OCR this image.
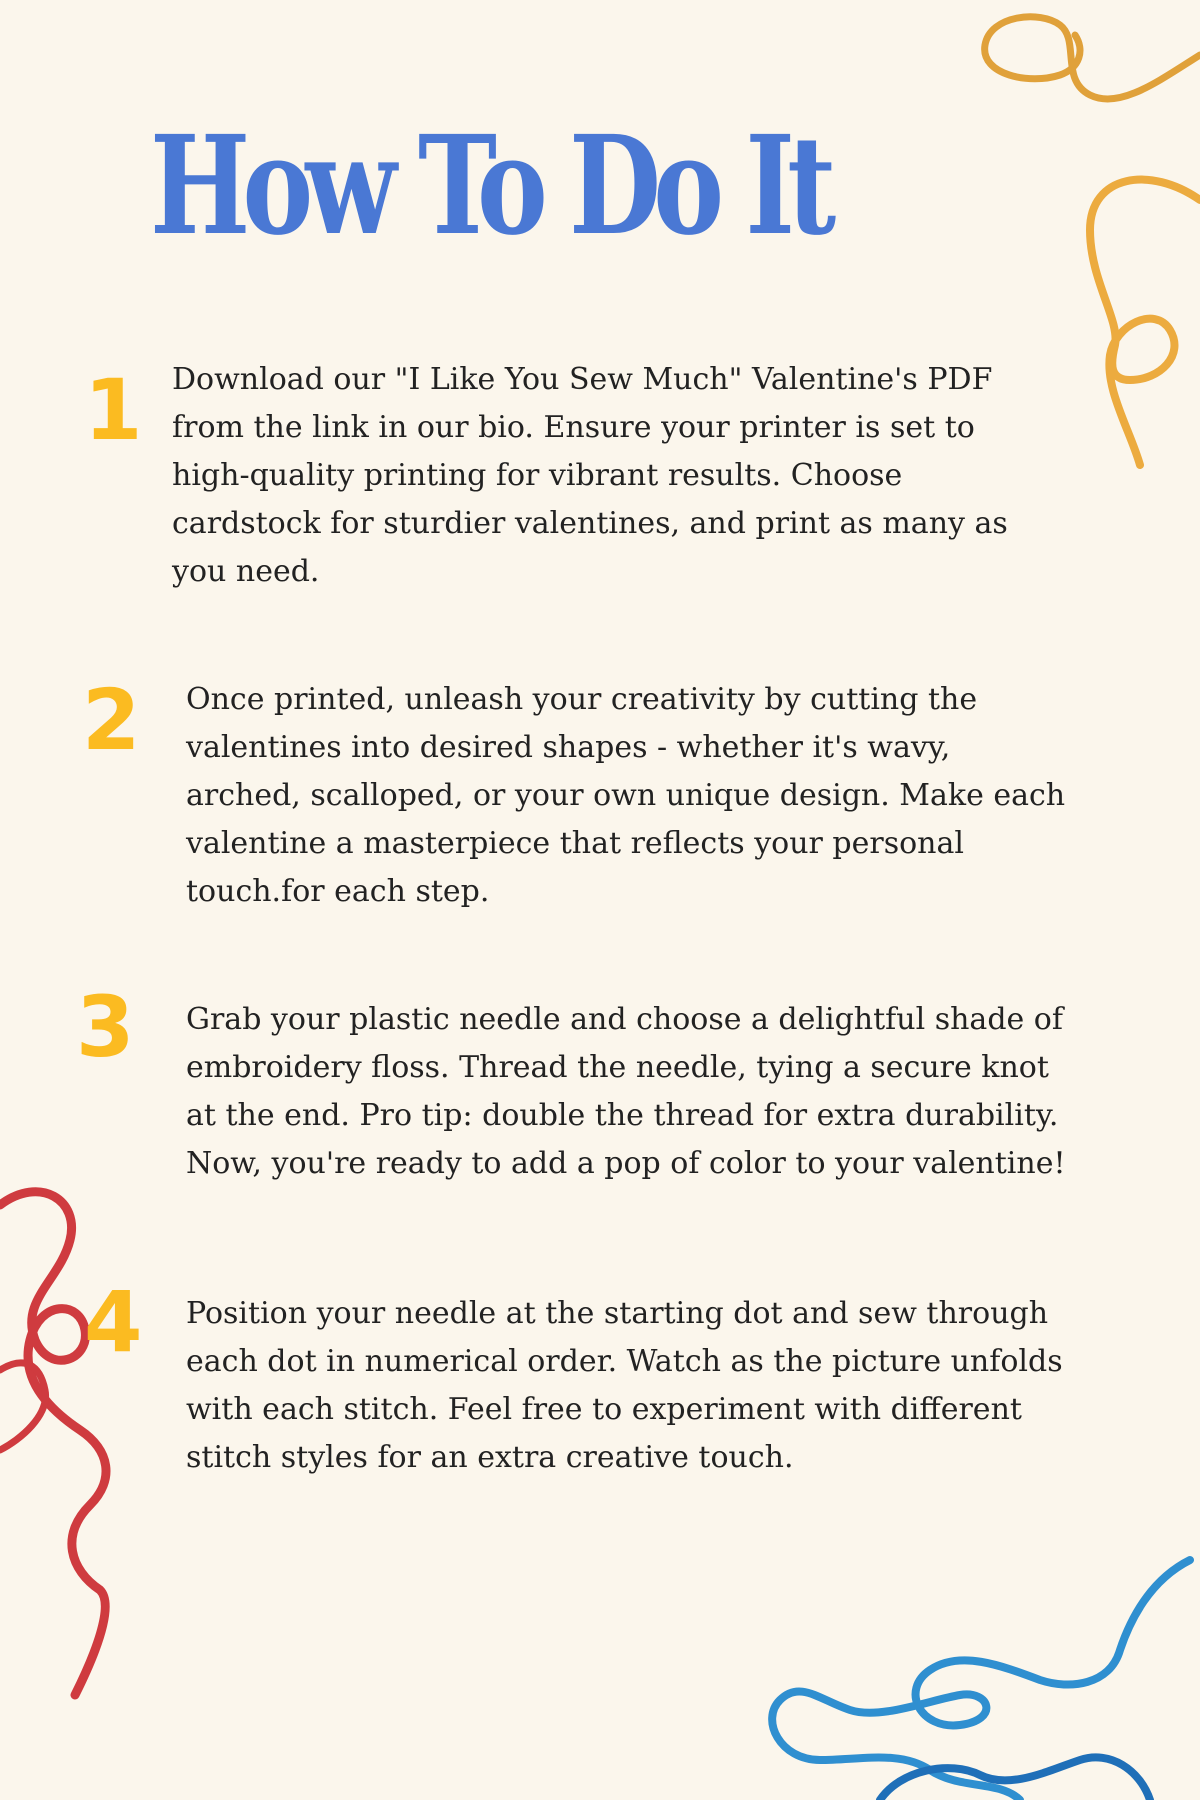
How To Do It
1 Download our "I Like You Sew Much" Valentine's PDF from the link in our bio. Ensure your printer is set to high-quality printing for vibrant results. Choose cardstock for sturdier valentines, and print as many as you need.

2 Once printed, unleash your creativity by cutting the valentines into desired shapes - whether it's wavy, arched, scalloped, or your own unique design. Make each valentine a masterpiece that reflects your personal touch.for each step.

3 Grab your plastic needle and choose a delightful shade of embroidery floss. Thread the needle, tying a secure knot at the end. Pro tip: double the thread for extra durability. Now, you're ready to add a pop of color to your valentine!

4 Position your needle at the starting dot and sew through each dot in numerical order. Watch as the picture unfolds with each stitch. Feel free to experiment with different stitch styles for an extra creative touch.
